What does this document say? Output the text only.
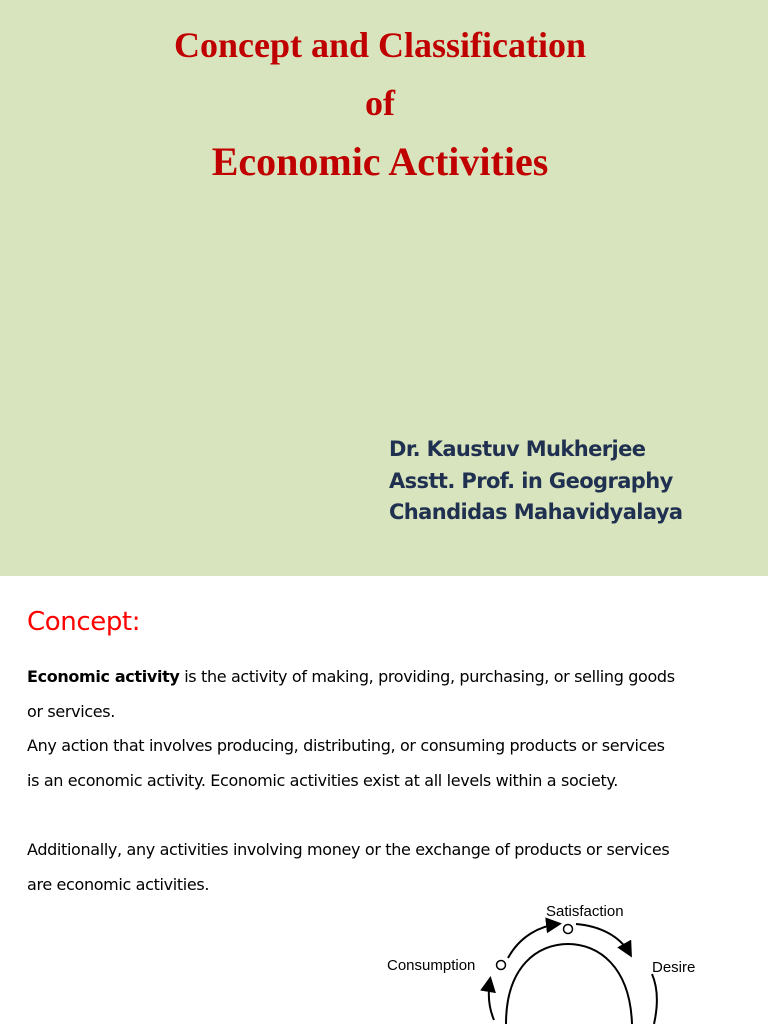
Concept and Classification
of
Economic Activities
Dr. Kaustuv Mukherjee
Asstt. Prof. in Geography
Chandidas Mahavidyalaya
Concept:
Economic activity is the activity of making, providing, purchasing, or selling goods
or services.
Any action that involves producing, distributing, or consuming products or services
is an economic activity. Economic activities exist at all levels within a society.
Additionally, any activities involving money or the exchange of products or services
are economic activities.
Satisfaction
Consumption	Desire
